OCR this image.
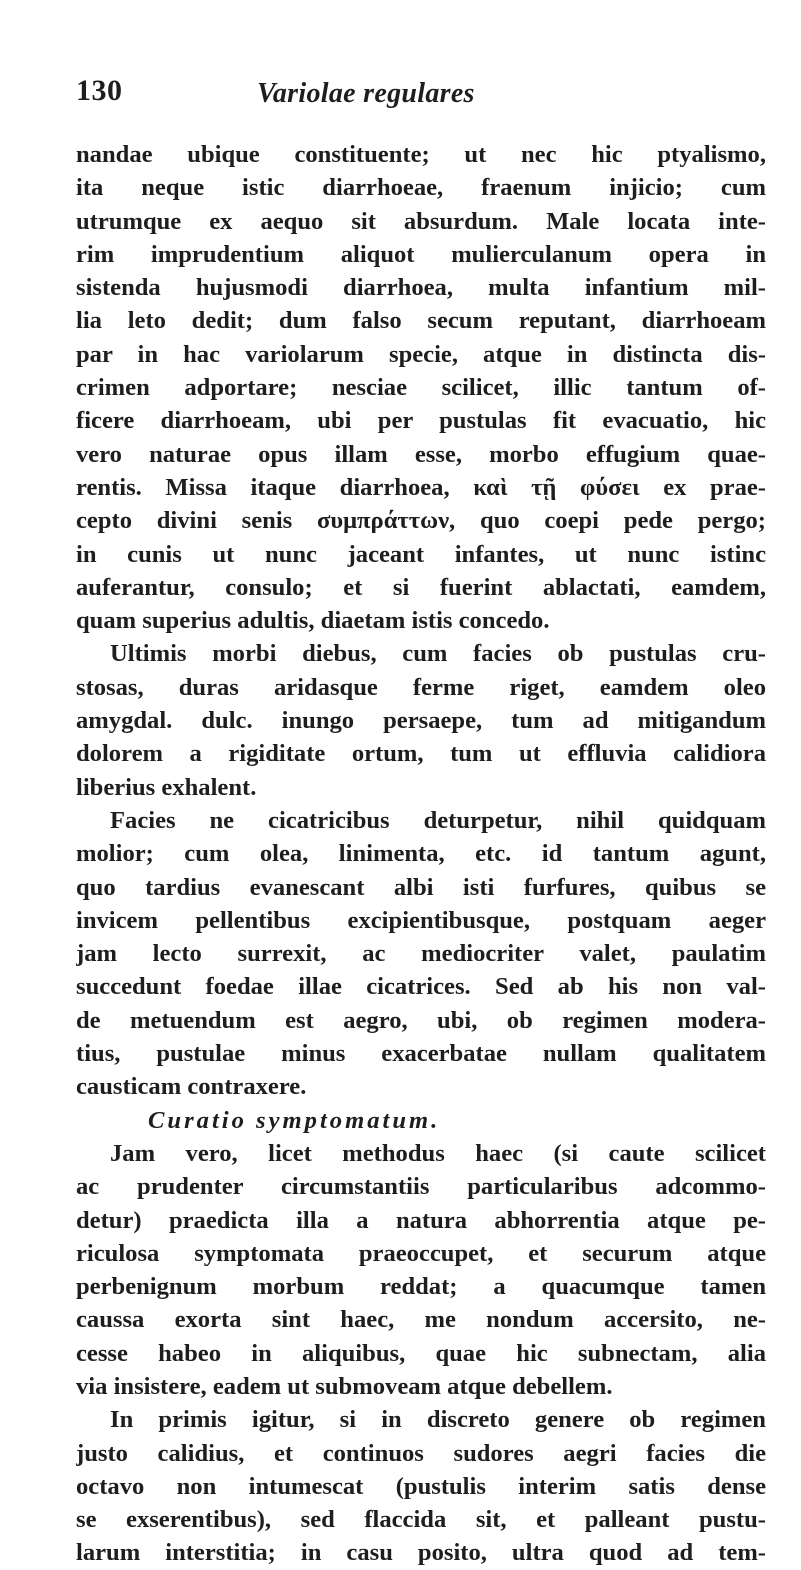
130	Variolae regulares
nandae ubique constituente; ut nec hic ptyalismo,
ita neque istic diarrhoeae, fraenum injicio; cum
utrumque ex aequo sit absurdum. Male locata inte-
rim imprudentium aliquot mulierculanum opera in
sistenda hujusmodi diarrhoea, multa infantium mil-
lia leto dedit; dum falso secum reputant, diarrhoeam
par in hac variolarum specie, atque in distincta dis-
crimen adportare; nesciae scilicet, illic tantum of-
ficere diarrhoeam, ubi per pustulas fit evacuatio, hic
vero naturae opus illam esse, morbo effugium quae-
rentis. Missa itaque diarrhoea, καὶ τῇ φύσει ex prae-
cepto divini senis συμπράττων, quo coepi pede pergo;
in cunis ut nunc jaceant infantes, ut nunc istinc
auferantur, consulo; et si fuerint ablactati, eamdem,
quam superius adultis, diaetam istis concedo.
Ultimis morbi diebus, cum facies ob pustulas cru-
stosas, duras aridasque ferme riget, eamdem oleo
amygdal. dulc. inungo persaepe, tum ad mitigandum
dolorem a rigiditate ortum, tum ut effluvia calidiora
liberius exhalent.
Facies ne cicatricibus deturpetur, nihil quidquam
molior; cum olea, linimenta, etc. id tantum agunt,
quo tardius evanescant albi isti furfures, quibus se
invicem pellentibus excipientibusque, postquam aeger
jam lecto surrexit, ac mediocriter valet, paulatim
succedunt foedae illae cicatrices. Sed ab his non val-
de metuendum est aegro, ubi, ob regimen modera-
tius, pustulae minus exacerbatae nullam qualitatem
causticam contraxere.
Curatio symptomatum.
Jam vero, licet methodus haec (si caute scilicet
ac prudenter circumstantiis particularibus adcommo-
detur) praedicta illa a natura abhorrentia atque pe-
riculosa symptomata praeoccupet, et securum atque
perbenignum morbum reddat; a quacumque tamen
caussa exorta sint haec, me nondum accersito, ne-
cesse habeo in aliquibus, quae hic subnectam, alia
via insistere, eadem ut submoveam atque debellem.
In primis igitur, si in discreto genere ob regimen
justo calidius, et continuos sudores aegri facies die
octavo non intumescat (pustulis interim satis dense
se exserentibus), sed flaccida sit, et palleant pustu-
larum interstitia; in casu posito, ultra quod ad tem-
